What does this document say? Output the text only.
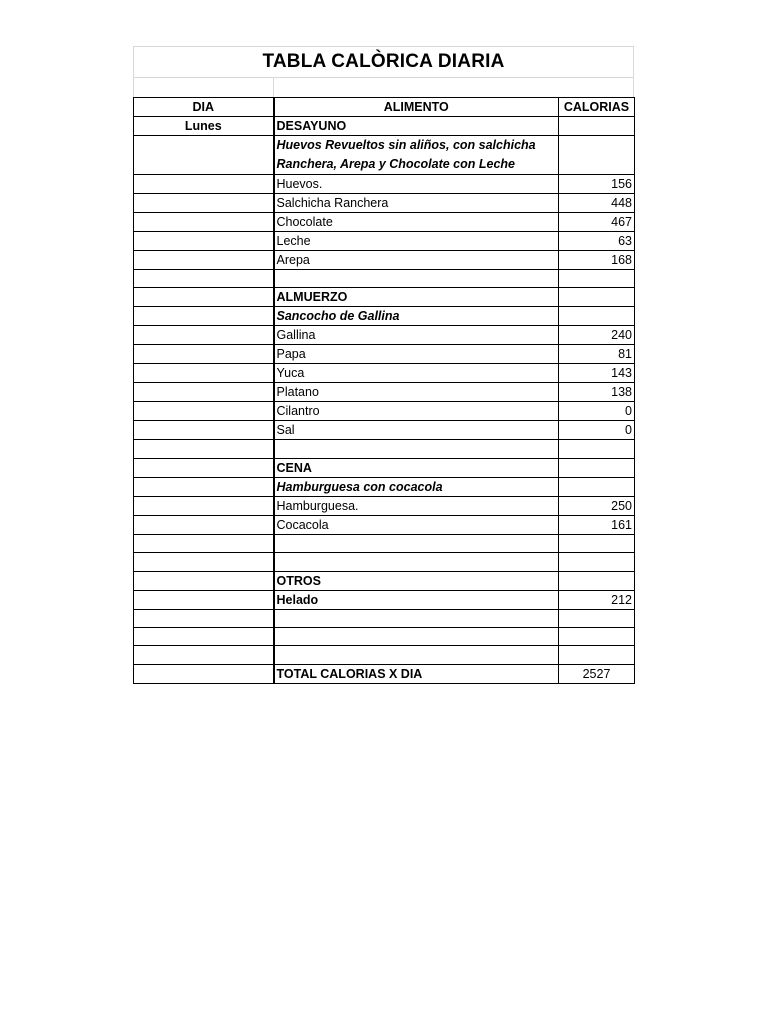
TABLA CALÒRICA DIARIA
DIA	ALIMENTO	CALORIAS
Lunes	DESAYUNO	
	Huevos Revueltos sin aliños, con salchicha Ranchera, Arepa y Chocolate con Leche	
	Huevos.	156
	Salchicha Ranchera	448
	Chocolate	467
	Leche	63
	Arepa	168

	ALMUERZO	
	Sancocho de Gallina	
	Gallina	240
	Papa	81
	Yuca	143
	Platano	138
	Cilantro	0
	Sal	0

	CENA	
	Hamburguesa con cocacola	
	Hamburguesa.	250
	Cocacola	161

	OTROS	
	Helado	212

	TOTAL CALORIAS X DIA	2527
